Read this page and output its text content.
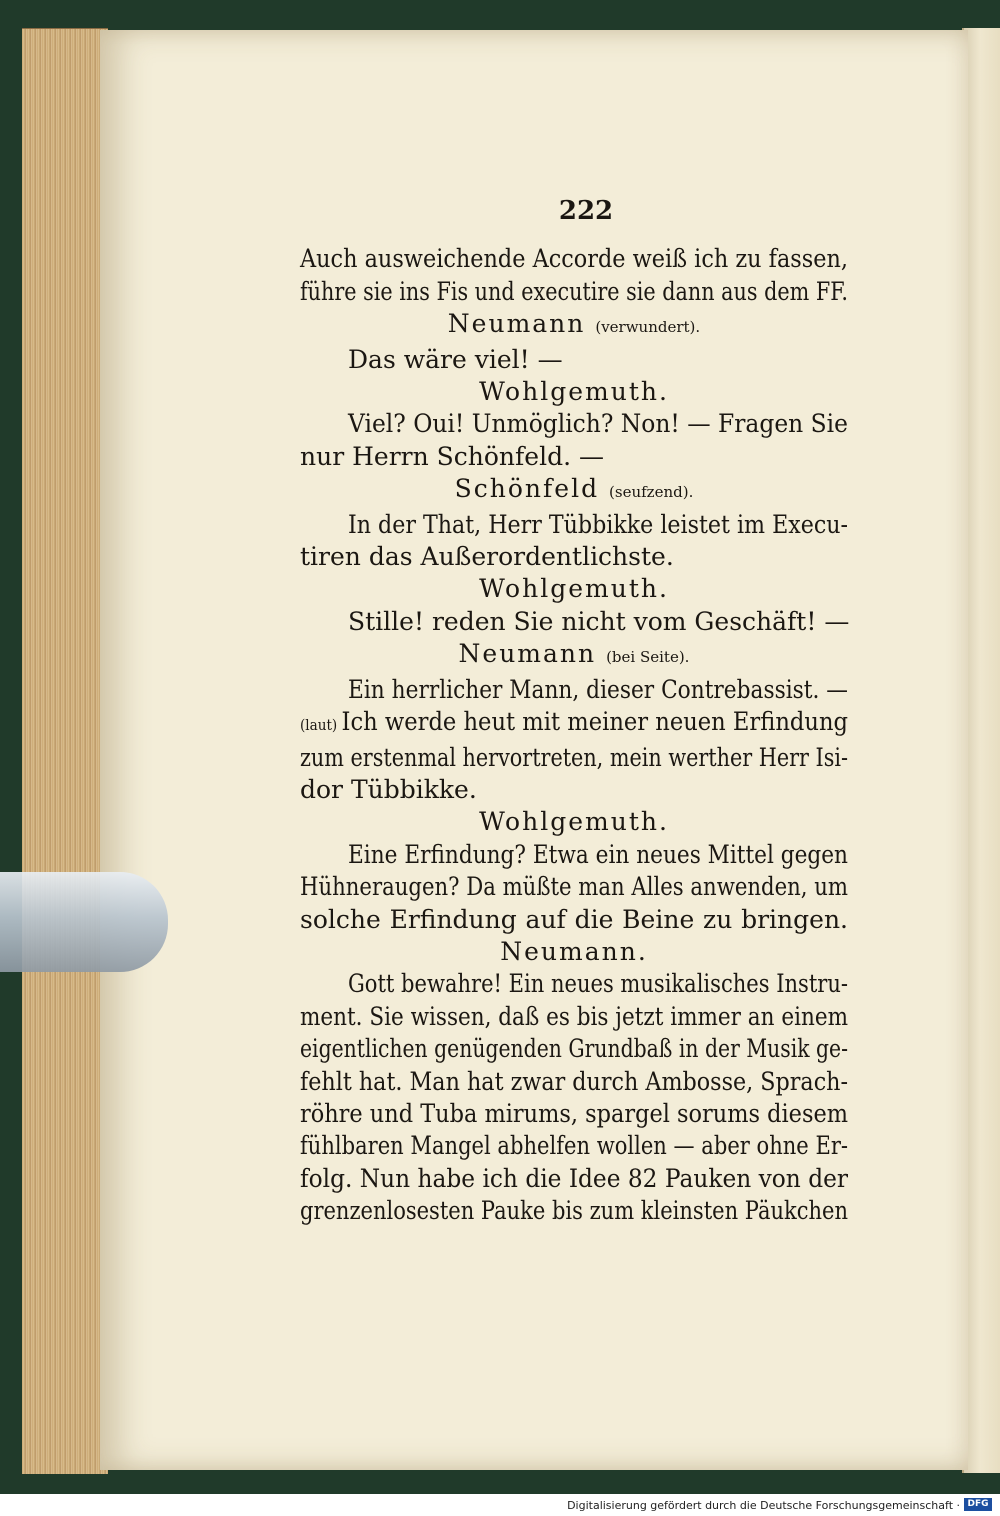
222
Auch ausweichende Accorde weiß ich zu fassen,
führe sie ins Fis und executire sie dann aus dem FF.
Neumann (verwundert).
Das wäre viel! —
Wohlgemuth.
Viel? Oui! Unmöglich? Non! — Fragen Sie
nur Herrn Schönfeld. —
Schönfeld (seufzend).
In der That, Herr Tübbikke leistet im Execu-
tiren das Außerordentlichste.
Wohlgemuth.
Stille! reden Sie nicht vom Geschäft! —
Neumann (bei Seite).
Ein herrlicher Mann, dieser Contrebassist. —
(laut) Ich werde heut mit meiner neuen Erfindung
zum erstenmal hervortreten, mein werther Herr Isi-
dor Tübbikke.
Wohlgemuth.
Eine Erfindung? Etwa ein neues Mittel gegen
Hühneraugen? Da müßte man Alles anwenden, um
solche Erfindung auf die Beine zu bringen.
Neumann.
Gott bewahre! Ein neues musikalisches Instru-
ment. Sie wissen, daß es bis jetzt immer an einem
eigentlichen genügenden Grundbaß in der Musik ge-
fehlt hat. Man hat zwar durch Ambosse, Sprach-
röhre und Tuba mirums, spargel sorums diesem
fühlbaren Mangel abhelfen wollen — aber ohne Er-
folg. Nun habe ich die Idee 82 Pauken von der
grenzenlosesten Pauke bis zum kleinsten Päukchen
Digitalisierung gefördert durch die Deutsche Forschungsgemeinschaft · DFG
